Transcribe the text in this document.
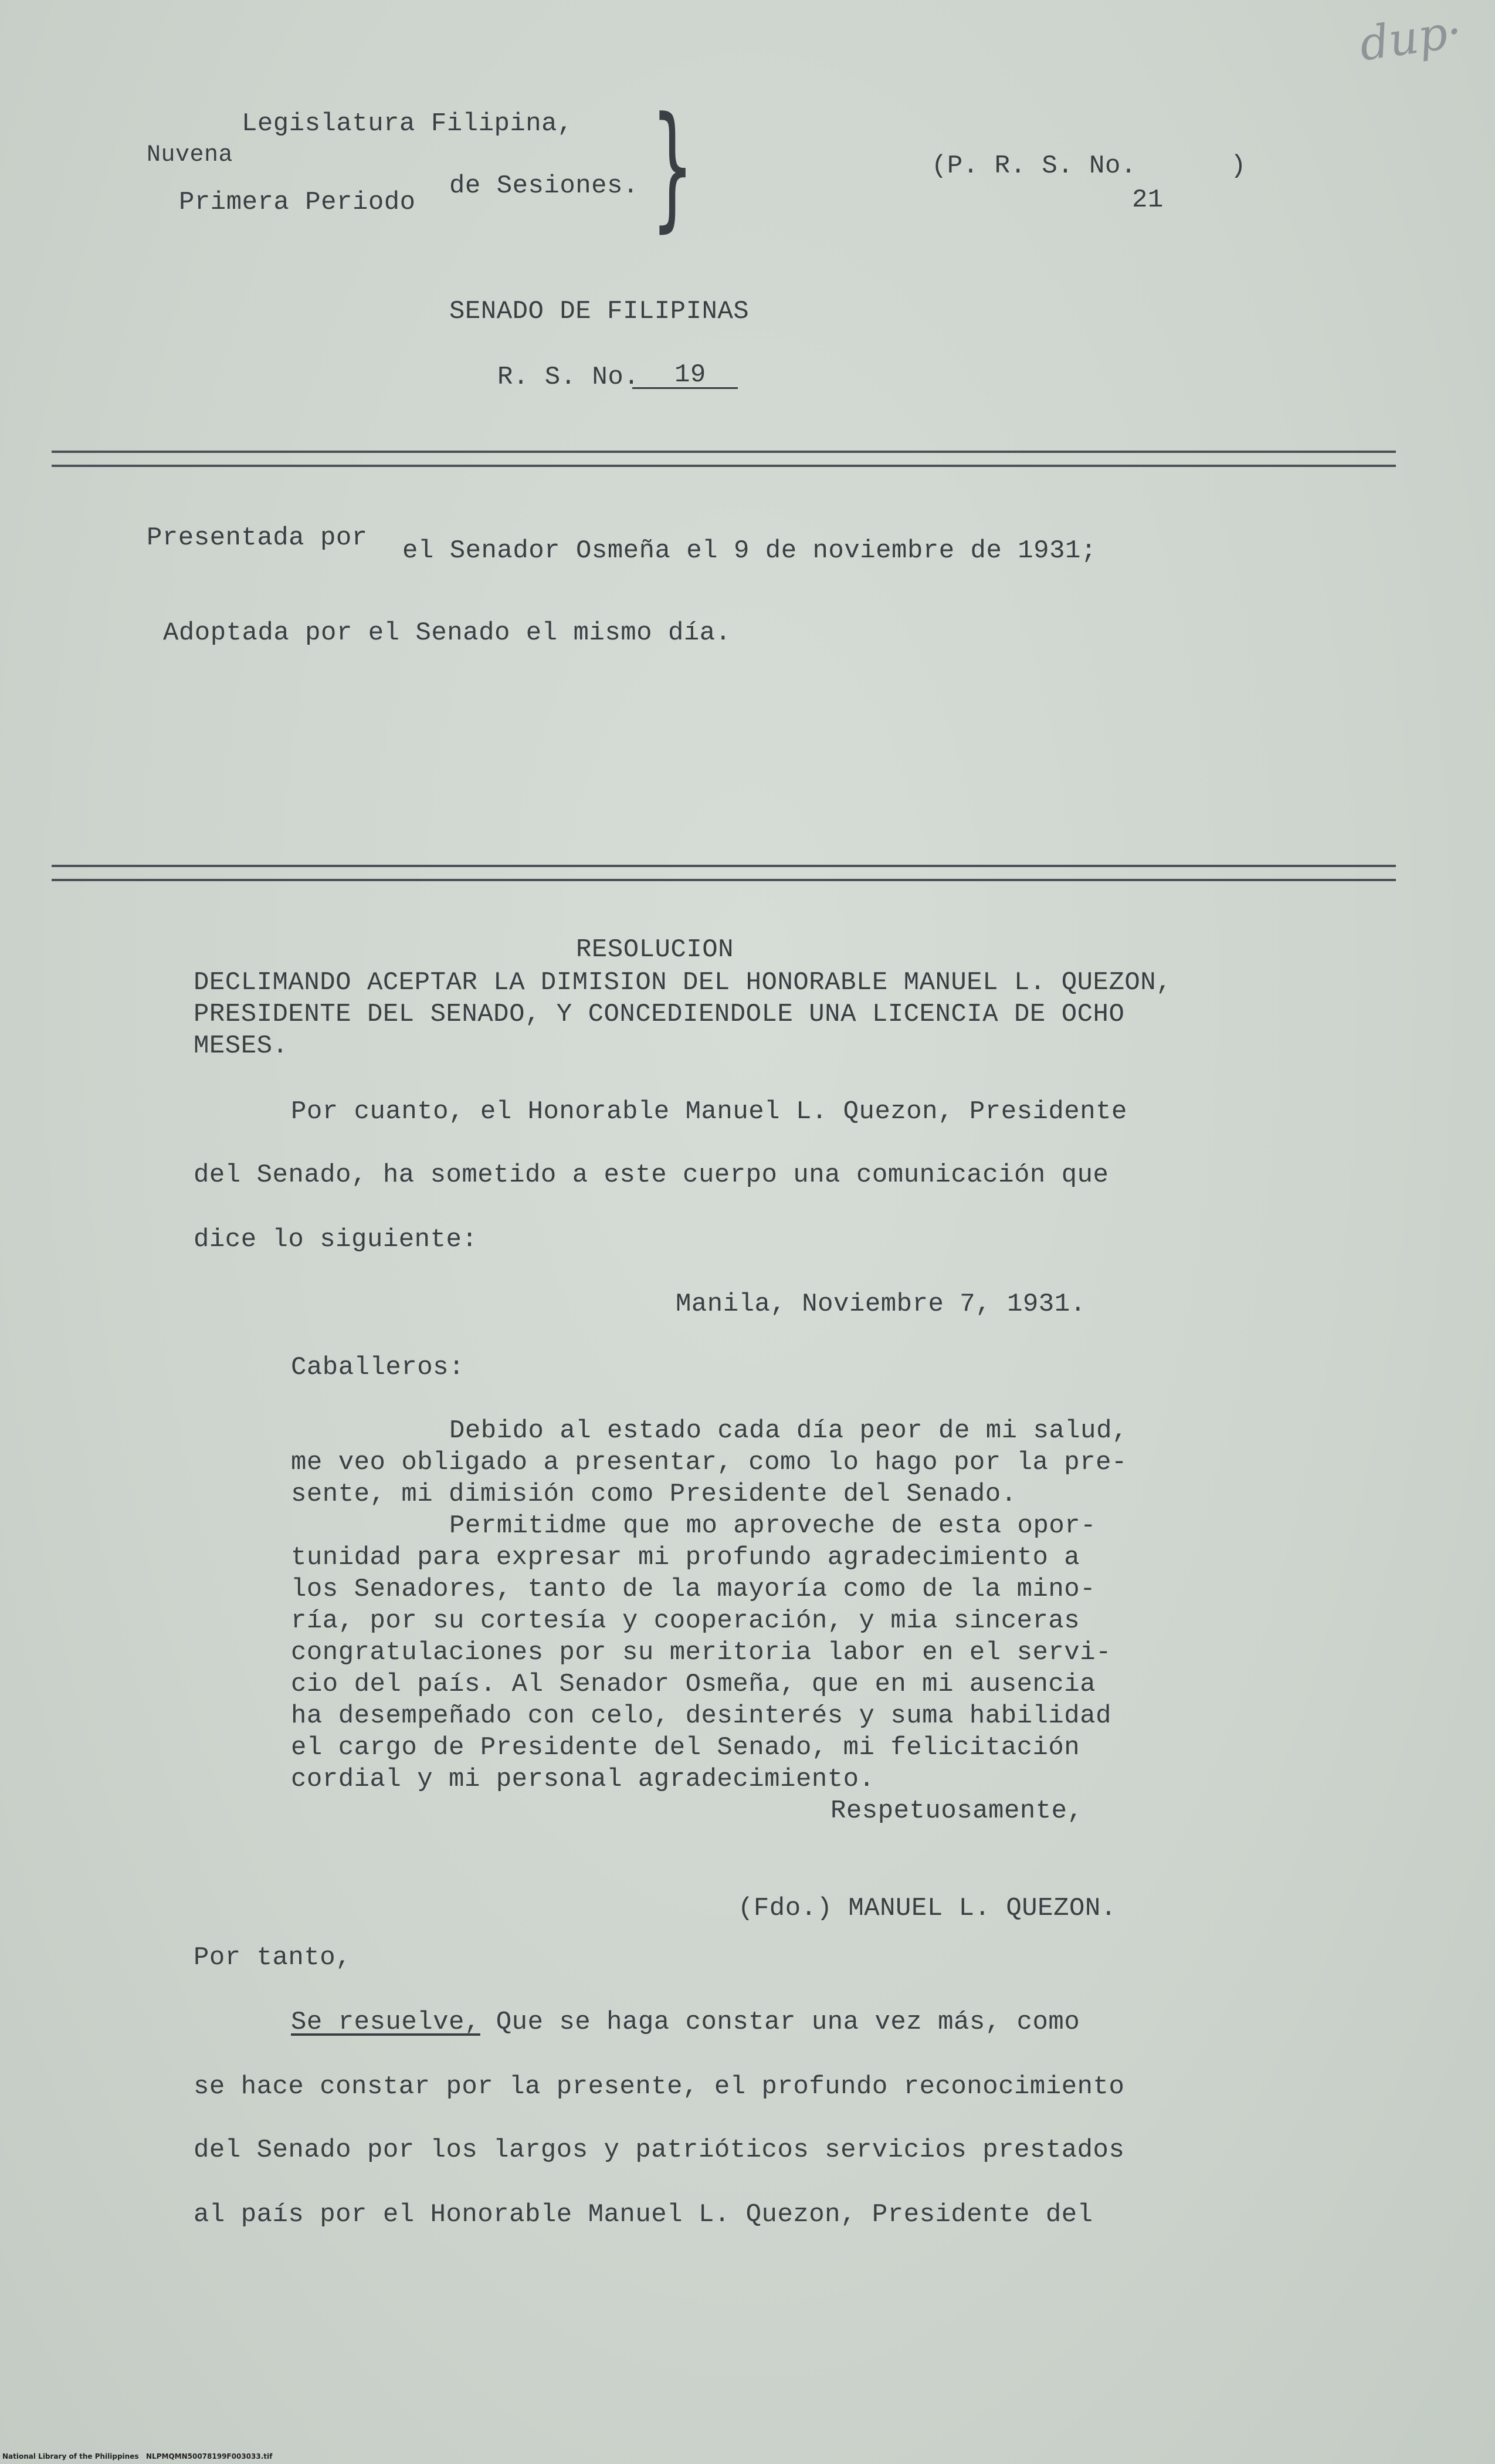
dup·
Legislatura Filipina,
Nuvena
Primera Periodo
de Sesiones. }	(P. R. S. No.	)
21
SENADO DE FILIPINAS
R. S. No. 19
Presentada por el Senador Osmeña el 9 de noviembre de 1931;
Adoptada por el Senado el mismo día.
RESOLUCION
DECLIMANDO ACEPTAR LA DIMISION DEL HONORABLE MANUEL L. QUEZON,
PRESIDENTE DEL SENADO, Y CONCEDIENDOLE UNA LICENCIA DE OCHO
MESES.
Por cuanto, el Honorable Manuel L. Quezon, Presidente
del Senado, ha sometido a este cuerpo una comunicación que
dice lo siguiente:
Manila, Noviembre 7, 1931.
Caballeros:
Debido al estado cada día peor de mi salud,
me veo obligado a presentar, como lo hago por la pre-
sente, mi dimisión como Presidente del Senado.
Permitidme que mo aproveche de esta opor-
tunidad para expresar mi profundo agradecimiento a
los Senadores, tanto de la mayoría como de la mino-
ría, por su cortesía y cooperación, y mia sinceras
congratulaciones por su meritoria labor en el servi-
cio del país. Al Senador Osmeña, que en mi ausencia
ha desempeñado con celo, desinterés y suma habilidad
el cargo de Presidente del Senado, mi felicitación
cordial y mi personal agradecimiento.
Respetuosamente,
(Fdo.) MANUEL L. QUEZON.
Por tanto,
Se resuelve, Que se haga constar una vez más, como
se hace constar por la presente, el profundo reconocimiento
del Senado por los largos y patrióticos servicios prestados
al país por el Honorable Manuel L. Quezon, Presidente del
National Library of the Philippines   NLPMQMN50078199F003033.tif
